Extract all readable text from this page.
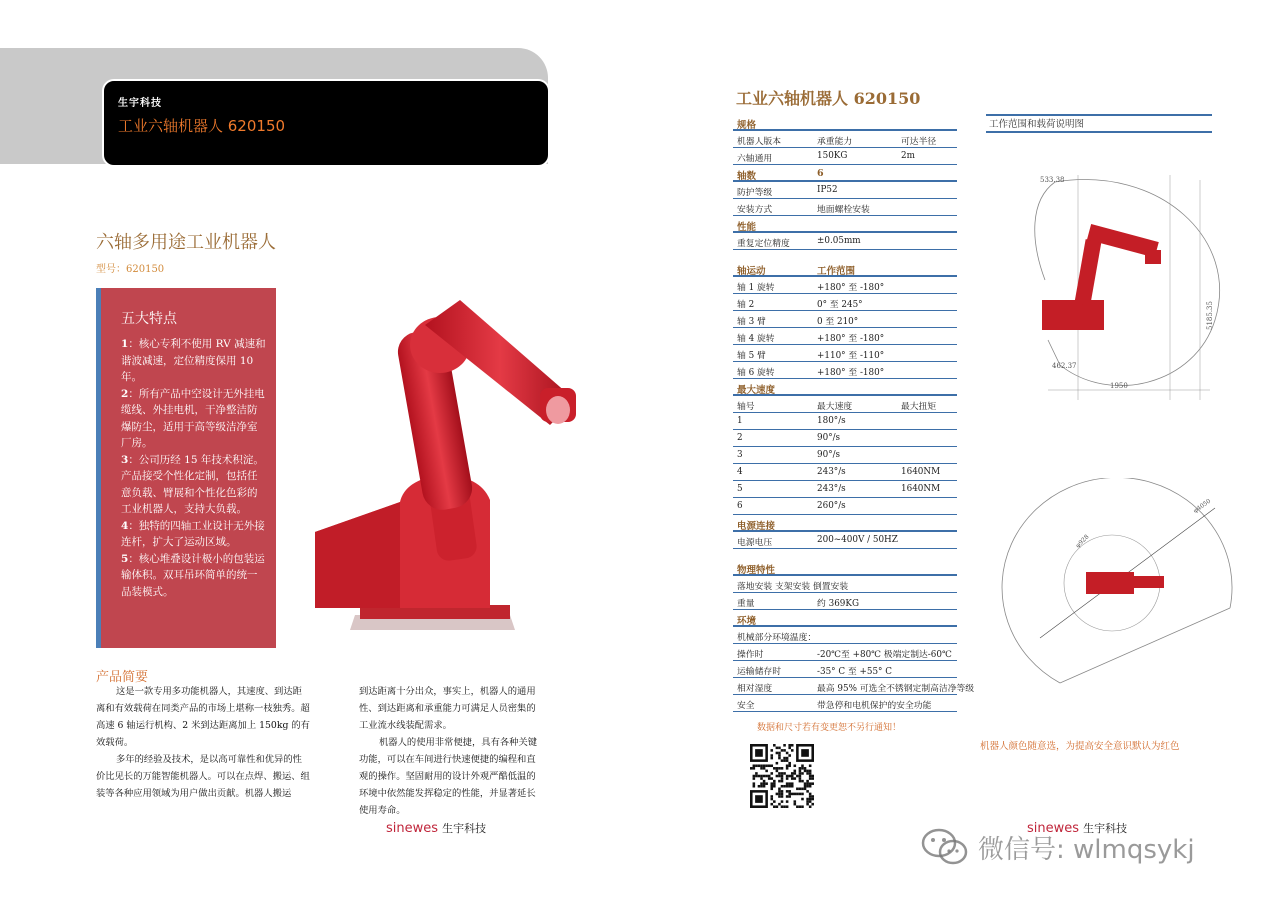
生宇科技
工业六轴机器人 620150
六轴多用途工业机器人
型号：620150
五大特点
1：核心专利不使用 RV 减速和谐波减速，定位精度保用 10 年。
2：所有产品中空设计无外挂电缆线、外挂电机，干净整洁防爆防尘，适用于高等级洁净室厂房。
3：公司历经 15 年技术积淀。产品接受个性化定制，包括任意负载、臂展和个性化色彩的工业机器人，支持大负载。
4：独特的四轴工业设计无外接连杆，扩大了运动区域。
5：核心堆叠设计极小的包装运输体积。双耳吊环简单的统一品装模式。
产品简要
这是一款专用多功能机器人，其速度、到达距离和有效载荷在同类产品的市场上堪称一枝独秀。超高速 6 轴运行机构、2 米到达距离加上 150kg 的有效载荷。
多年的经验及技术，是以高可靠性和优异的性价比见长的万能智能机器人。可以在点焊、搬运、组装等各种应用领域为用户做出贡献。机器人搬运
到达距离十分出众，事实上，机器人的通用性、到达距离和承重能力可满足人员密集的工业流水线装配需求。
机器人的使用非常便捷，具有各种关键功能，可以在车间进行快速便捷的编程和直观的操作。坚固耐用的设计外观严酷低温的环境中依然能发挥稳定的性能，并显著延长使用寿命。
sinewes 生宇科技
工业六轴机器人 620150
规格
机器人版本	承重能力	可达半径
六轴通用	150KG	2m
轴数	6
防护等级	IP52
安装方式	地面螺栓安装
性能
重复定位精度	±0.05mm
轴运动	工作范围
轴 1 旋转	+180° 至 -180°
轴 2	0° 至 245°
轴 3 臂	0 至 210°
轴 4 旋转	+180° 至 -180°
轴 5 臂	+110° 至 -110°
轴 6 旋转	+180° 至 -180°
最大速度
轴号	最大速度	最大扭矩
1	180°/s
2	90°/s
3	90°/s
4	243°/s	1640NM
5	243°/s	1640NM
6	260°/s
电源连接
电源电压	200~400V / 50HZ
物理特性
落地安装 支架安装 倒置安装
重量	约 369KG
环境
机械部分环境温度：
操作时	-20℃至 +80℃ 极端定制达-60℃
运输储存时	-35° C 至 +55° C
相对湿度	最高 95% 可选全不锈钢定制高洁净等级
安全	带急停和电机保护的安全功能
数据和尺寸若有变更恕不另行通知！
工作范围和载荷说明图
533.38
462.37
1950
5185.35
φ4050
φ928
机器人颜色随意选，为提高安全意识默认为红色
sinewes 生宇科技
微信号: wlmqsykj
